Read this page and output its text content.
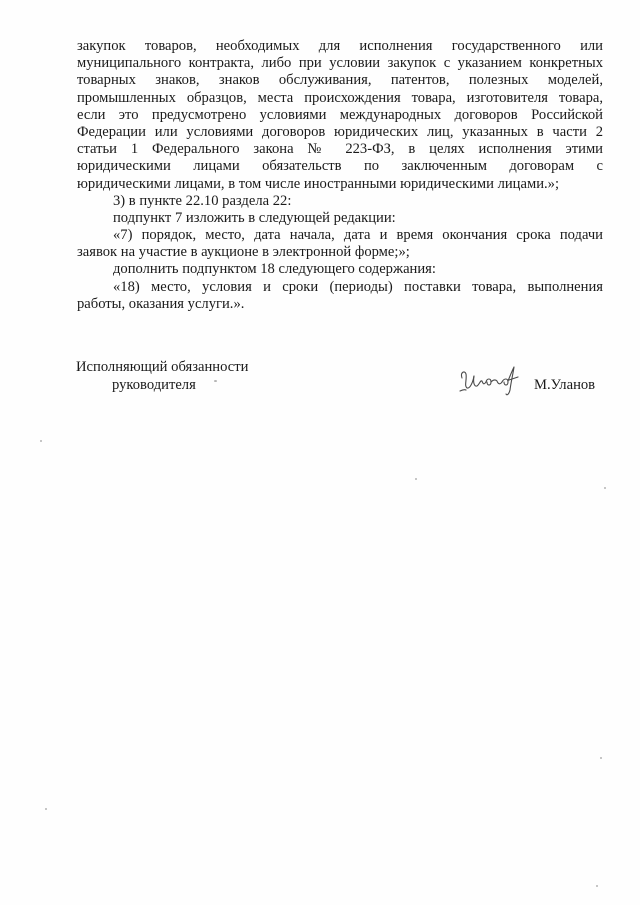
закупок товаров, необходимых для исполнения государственного или
муниципального контракта, либо при условии закупок с указанием конкретных
товарных знаков, знаков обслуживания, патентов, полезных моделей,
промышленных образцов, места происхождения товара, изготовителя товара,
если это предусмотрено условиями международных договоров Российской
Федерации или условиями договоров юридических лиц, указанных в части 2
статьи 1 Федерального закона № 223-ФЗ, в целях исполнения этими
юридическими лицами обязательств по заключенным договорам с
юридическими лицами, в том числе иностранными юридическими лицами.»;
3) в пункте 22.10 раздела 22:
подпункт 7 изложить в следующей редакции:
«7) порядок, место, дата начала, дата и время окончания срока подачи
заявок на участие в аукционе в электронной форме;»;
дополнить подпунктом 18 следующего содержания:
«18) место, условия и сроки (периоды) поставки товара, выполнения
работы, оказания услуги.».
Исполняющий обязанности
руководителя	М.Уланов
